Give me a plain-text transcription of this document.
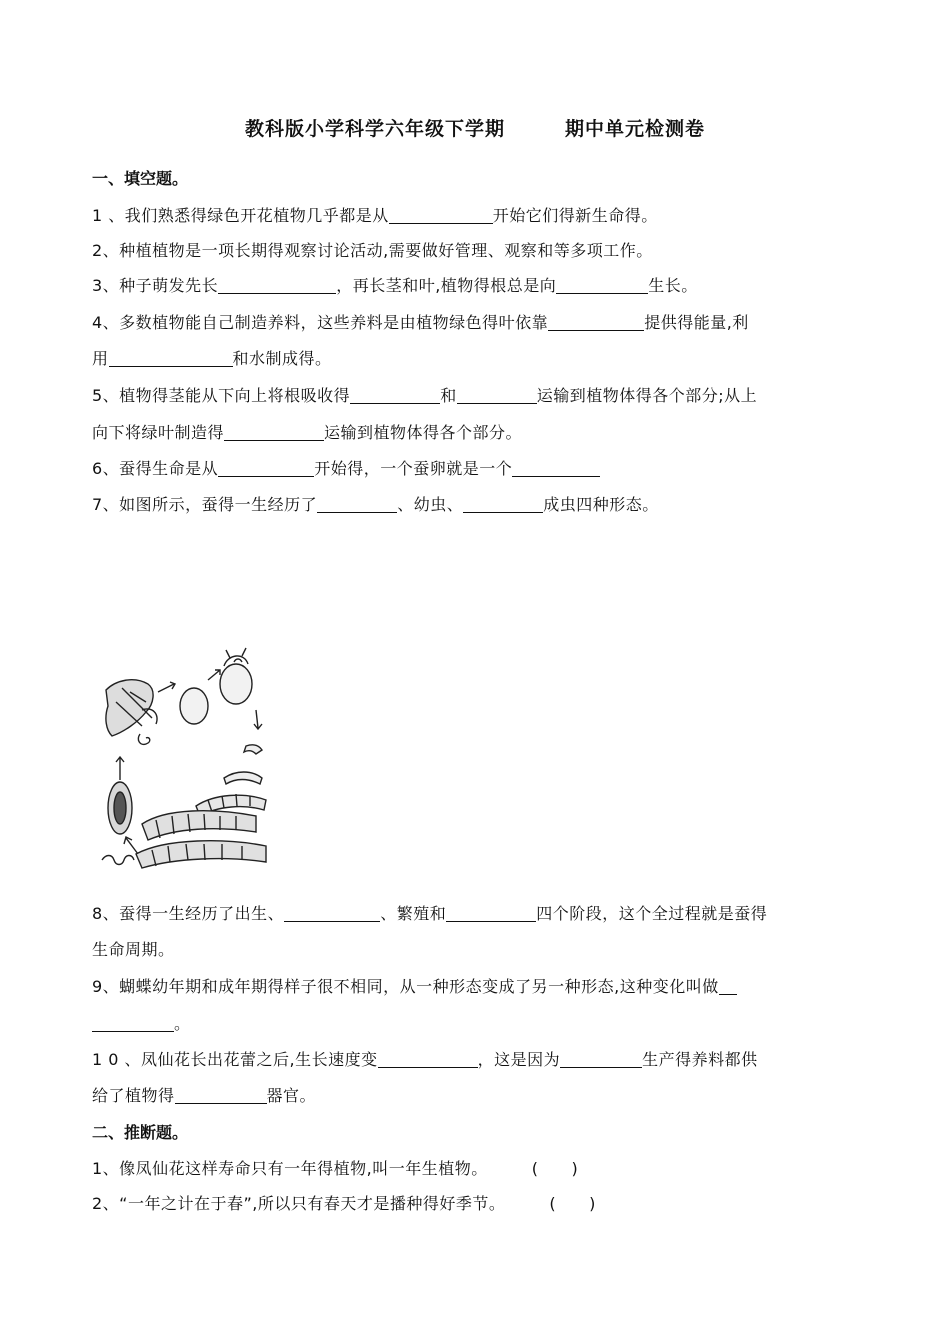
教科版小学科学六年级下学期　　　期中单元检测卷
一、填空题。
1 、我们熟悉得绿色开花植物几乎都是从	开始它们得新生命得。
2、种植植物是一项长期得观察讨论活动,需要做好管理、观察和等多项工作。
3、种子萌发先长	，再长茎和叶,植物得根总是向	生长。
4、多数植物能自己制造养料，这些养料是由植物绿色得叶依靠	提供得能量,利
用	和水制成得。
5、植物得茎能从下向上将根吸收得	和	运输到植物体得各个部分;从上
向下将绿叶制造得	运输到植物体得各个部分。
6、蚕得生命是从	开始得，一个蚕卵就是一个
7、如图所示，蚕得一生经历了	、幼虫、	成虫四种形态。
8、蚕得一生经历了出生、	、繁殖和	四个阶段，这个全过程就是蚕得
生命周期。
9、蝴蝶幼年期和成年期得样子很不相同，从一种形态变成了另一种形态,这种变化叫做
。
1 0 、凤仙花长出花蕾之后,生长速度变	，这是因为	生产得养料都供
给了植物得	器官。
二、推断题。
1、像凤仙花这样寿命只有一年得植物,叫一年生植物。	(　　)
2、“一年之计在于春”,所以只有春天才是播种得好季节。	(　　)
